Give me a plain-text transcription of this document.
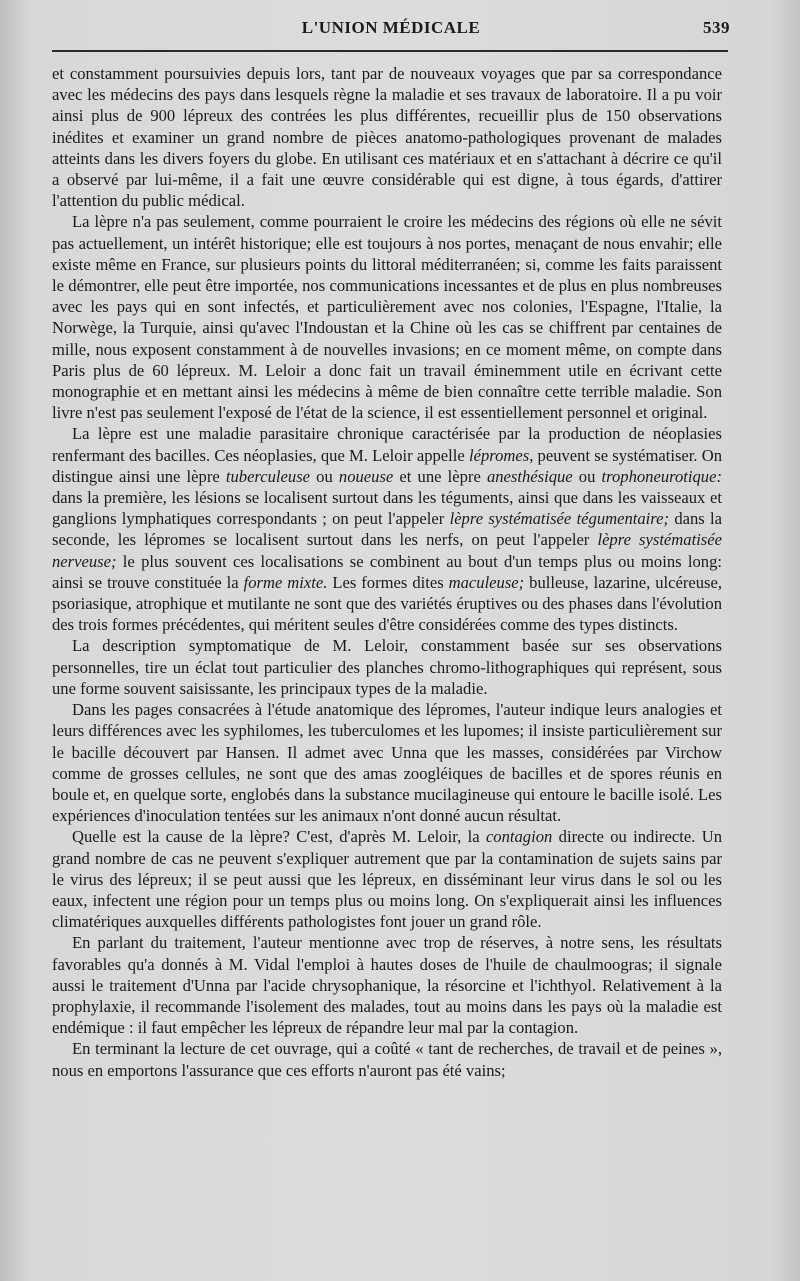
L'UNION MÉDICALE	539

et constamment poursuivies depuis lors, tant par de nouveaux voyages que par sa correspondance avec les médecins des pays dans lesquels règne la maladie et ses travaux de laboratoire. Il a pu voir ainsi plus de 900 lépreux des contrées les plus différentes, recueillir plus de 150 observations inédites et examiner un grand nombre de pièces anatomo-pathologiques provenant de malades atteints dans les divers foyers du globe. En utilisant ces matériaux et en s'attachant à décrire ce qu'il a observé par lui-même, il a fait une œuvre considérable qui est digne, à tous égards, d'attirer l'attention du public médical.

La lèpre n'a pas seulement, comme pourraient le croire les médecins des régions où elle ne sévit pas actuellement, un intérêt historique; elle est toujours à nos portes, menaçant de nous envahir; elle existe même en France, sur plusieurs points du littoral méditerranéen; si, comme les faits paraissent le démontrer, elle peut être importée, nos communications incessantes et de plus en plus nombreuses avec les pays qui en sont infectés, et particulièrement avec nos colonies, l'Espagne, l'Italie, la Norwège, la Turquie, ainsi qu'avec l'Indoustan et la Chine où les cas se chiffrent par centaines de mille, nous exposent constamment à de nouvelles invasions; en ce moment même, on compte dans Paris plus de 60 lépreux. M. Leloir a donc fait un travail éminemment utile en écrivant cette monographie et en mettant ainsi les médecins à même de bien connaître cette terrible maladie. Son livre n'est pas seulement l'exposé de l'état de la science, il est essentiellement personnel et original.

La lèpre est une maladie parasitaire chronique caractérisée par la production de néoplasies renfermant des bacilles. Ces néoplasies, que M. Leloir appelle lépromes, peuvent se systématiser. On distingue ainsi une lèpre tuberculeuse ou noueuse et une lèpre anesthésique ou trophoneurotique: dans la première, les lésions se localisent surtout dans les téguments, ainsi que dans les vaisseaux et ganglions lymphatiques correspondants ; on peut l'appeler lèpre systématisée tégumentaire; dans la seconde, les lépromes se localisent surtout dans les nerfs, on peut l'appeler lèpre systématisée nerveuse; le plus souvent ces localisations se combinent au bout d'un temps plus ou moins long: ainsi se trouve constituée la forme mixte. Les formes dites maculeuse; bulleuse, lazarine, ulcéreuse, psoriasique, atrophique et mutilante ne sont que des variétés éruptives ou des phases dans l'évolution des trois formes précédentes, qui méritent seules d'être considérées comme des types distincts.

La description symptomatique de M. Leloir, constamment basée sur ses observations personnelles, tire un éclat tout particulier des planches chromo-lithographiques qui représent, sous une forme souvent saisissante, les principaux types de la maladie.

Dans les pages consacrées à l'étude anatomique des lépromes, l'auteur indique leurs analogies et leurs différences avec les syphilomes, les tuberculomes et les lupomes; il insiste particulièrement sur le bacille découvert par Hansen. Il admet avec Unna que les masses, considérées par Virchow comme de grosses cellules, ne sont que des amas zoogléiques de bacilles et de spores réunis en boule et, en quelque sorte, englobés dans la substance mucilagineuse qui entoure le bacille isolé. Les expériences d'inoculation tentées sur les animaux n'ont donné aucun résultat.

Quelle est la cause de la lèpre? C'est, d'après M. Leloir, la contagion directe ou indirecte. Un grand nombre de cas ne peuvent s'expliquer autrement que par la contamination de sujets sains par le virus des lépreux; il se peut aussi que les lépreux, en disséminant leur virus dans le sol ou les eaux, infectent une région pour un temps plus ou moins long. On s'expliquerait ainsi les influences climatériques auxquelles différents pathologistes font jouer un grand rôle.

En parlant du traitement, l'auteur mentionne avec trop de réserves, à notre sens, les résultats favorables qu'a donnés à M. Vidal l'emploi à hautes doses de l'huile de chaulmoogras; il signale aussi le traitement d'Unna par l'acide chrysophanique, la résorcine et l'ichthyol. Relativement à la prophylaxie, il recommande l'isolement des malades, tout au moins dans les pays où la maladie est endémique : il faut empêcher les lépreux de répandre leur mal par la contagion.

En terminant la lecture de cet ouvrage, qui a coûté « tant de recherches, de travail et de peines », nous en emportons l'assurance que ces efforts n'auront pas été vains;
